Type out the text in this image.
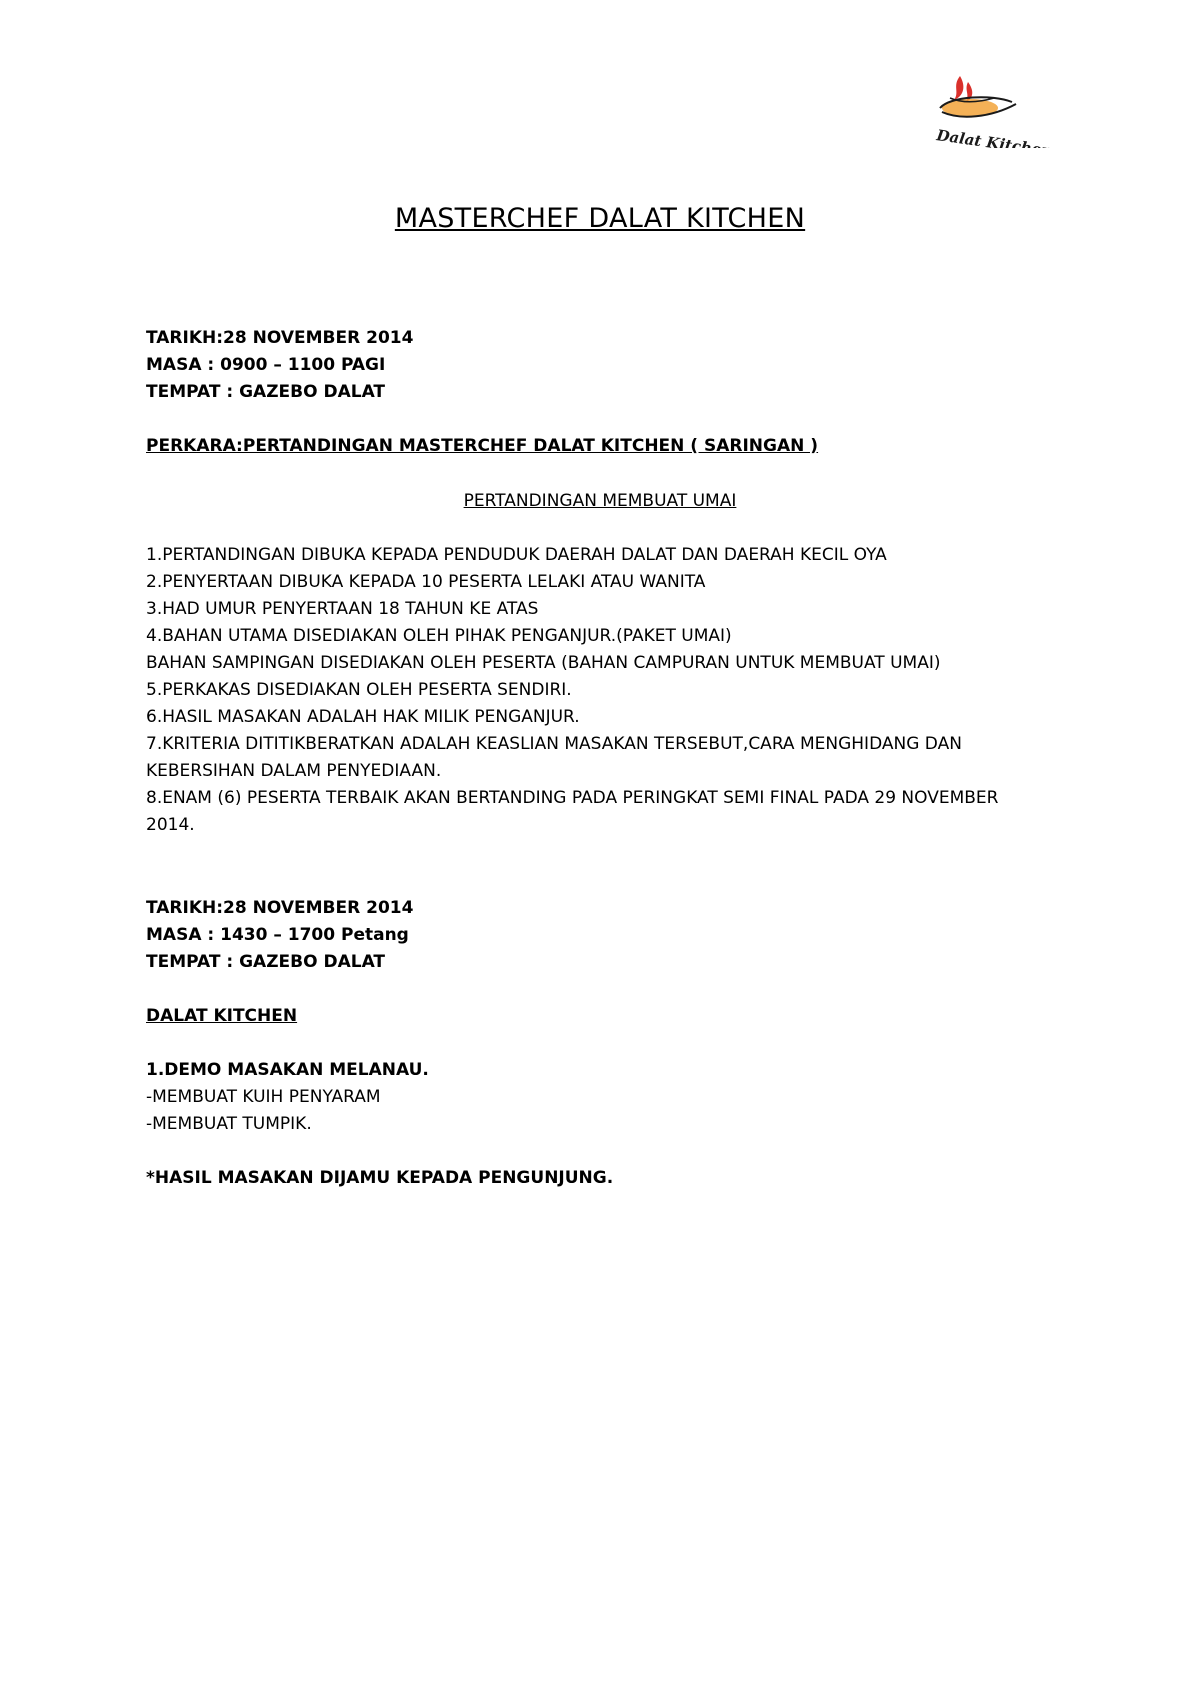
Dalat Kitchen
MASTERCHEF DALAT KITCHEN
TARIKH:28 NOVEMBER 2014
MASA : 0900 – 1100 PAGI
TEMPAT : GAZEBO DALAT
PERKARA:PERTANDINGAN MASTERCHEF DALAT KITCHEN ( SARINGAN )
PERTANDINGAN MEMBUAT UMAI
1.PERTANDINGAN DIBUKA KEPADA PENDUDUK DAERAH DALAT DAN DAERAH KECIL OYA
2.PENYERTAAN DIBUKA KEPADA 10 PESERTA LELAKI ATAU WANITA
3.HAD UMUR PENYERTAAN 18 TAHUN KE ATAS
4.BAHAN UTAMA DISEDIAKAN OLEH PIHAK PENGANJUR.(PAKET UMAI)
BAHAN SAMPINGAN DISEDIAKAN OLEH PESERTA (BAHAN CAMPURAN UNTUK MEMBUAT UMAI)
5.PERKAKAS DISEDIAKAN OLEH PESERTA SENDIRI.
6.HASIL MASAKAN ADALAH HAK MILIK PENGANJUR.
7.KRITERIA DITITIKBERATKAN ADALAH KEASLIAN MASAKAN TERSEBUT,CARA MENGHIDANG DAN
KEBERSIHAN DALAM PENYEDIAAN.
8.ENAM (6) PESERTA TERBAIK AKAN BERTANDING PADA PERINGKAT SEMI FINAL PADA 29 NOVEMBER
2014.
TARIKH:28 NOVEMBER 2014
MASA : 1430 – 1700 Petang
TEMPAT : GAZEBO DALAT
DALAT KITCHEN
1.DEMO MASAKAN MELANAU.
-MEMBUAT KUIH PENYARAM
-MEMBUAT TUMPIK.
*HASIL MASAKAN DIJAMU KEPADA PENGUNJUNG.
